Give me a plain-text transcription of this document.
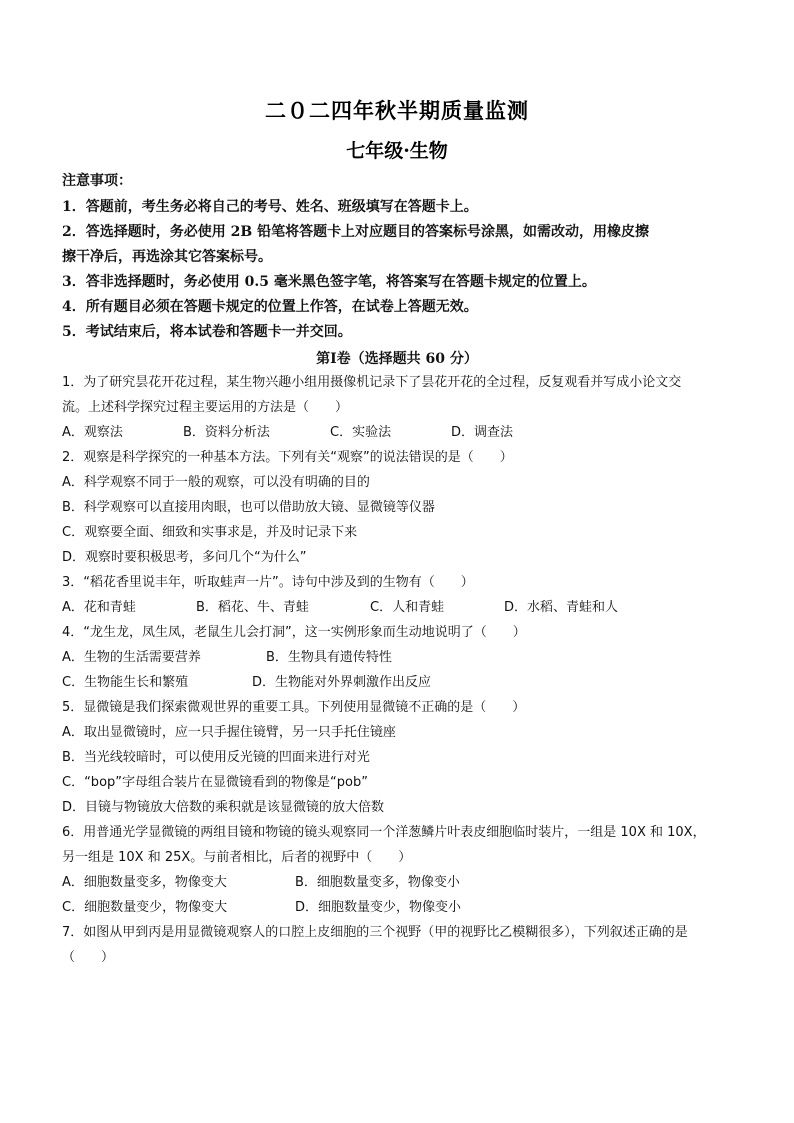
二０二四年秋半期质量监测
七年级·生物
注意事项：
1．答题前，考生务必将自己的考号、姓名、班级填写在答题卡上。
2．答选择题时，务必使用 2B 铅笔将答题卡上对应题目的答案标号涂黑，如需改动，用橡皮擦
擦干净后，再选涂其它答案标号。
3．答非选择题时，务必使用 0.5 毫米黑色签字笔，将答案写在答题卡规定的位置上。
4．所有题目必须在答题卡规定的位置上作答，在试卷上答题无效。
5．考试结束后，将本试卷和答题卡一并交回。
第Ⅰ卷（选择题共 60 分）
1．为了研究昙花开花过程，某生物兴趣小组用摄像机记录下了昙花开花的全过程，反复观看并写成小论文交
流。上述科学探究过程主要运用的方法是（　　）
A．观察法	B．资料分析法	C．实验法	D．调查法
2．观察是科学探究的一种基本方法。下列有关“观察”的说法错误的是（　　）
A．科学观察不同于一般的观察，可以没有明确的目的
B．科学观察可以直接用肉眼，也可以借助放大镜、显微镜等仪器
C．观察要全面、细致和实事求是，并及时记录下来
D．观察时要积极思考，多问几个“为什么”
3．“稻花香里说丰年，听取蛙声一片”。诗句中涉及到的生物有（　　）
A．花和青蛙	B．稻花、牛、青蛙	C．人和青蛙	D．水稻、青蛙和人
4．“龙生龙，凤生凤，老鼠生儿会打洞”，这一实例形象而生动地说明了（　　）
A．生物的生活需要营养	B．生物具有遗传特性
C．生物能生长和繁殖	D．生物能对外界刺激作出反应
5．显微镜是我们探索微观世界的重要工具。下列使用显微镜不正确的是（　　）
A．取出显微镜时，应一只手握住镜臂，另一只手托住镜座
B．当光线较暗时，可以使用反光镜的凹面来进行对光
C．“bop”字母组合装片在显微镜看到的物像是“pob”
D．目镜与物镜放大倍数的乘积就是该显微镜的放大倍数
6．用普通光学显微镜的两组目镜和物镜的镜头观察同一个洋葱鳞片叶表皮细胞临时装片，一组是 10X 和 10X，
另一组是 10X 和 25X。与前者相比，后者的视野中（　　）
A．细胞数量变多，物像变大	B．细胞数量变多，物像变小
C．细胞数量变少，物像变大	D．细胞数量变少，物像变小
7．如图从甲到丙是用显微镜观察人的口腔上皮细胞的三个视野（甲的视野比乙模糊很多），下列叙述正确的是
（　　）
